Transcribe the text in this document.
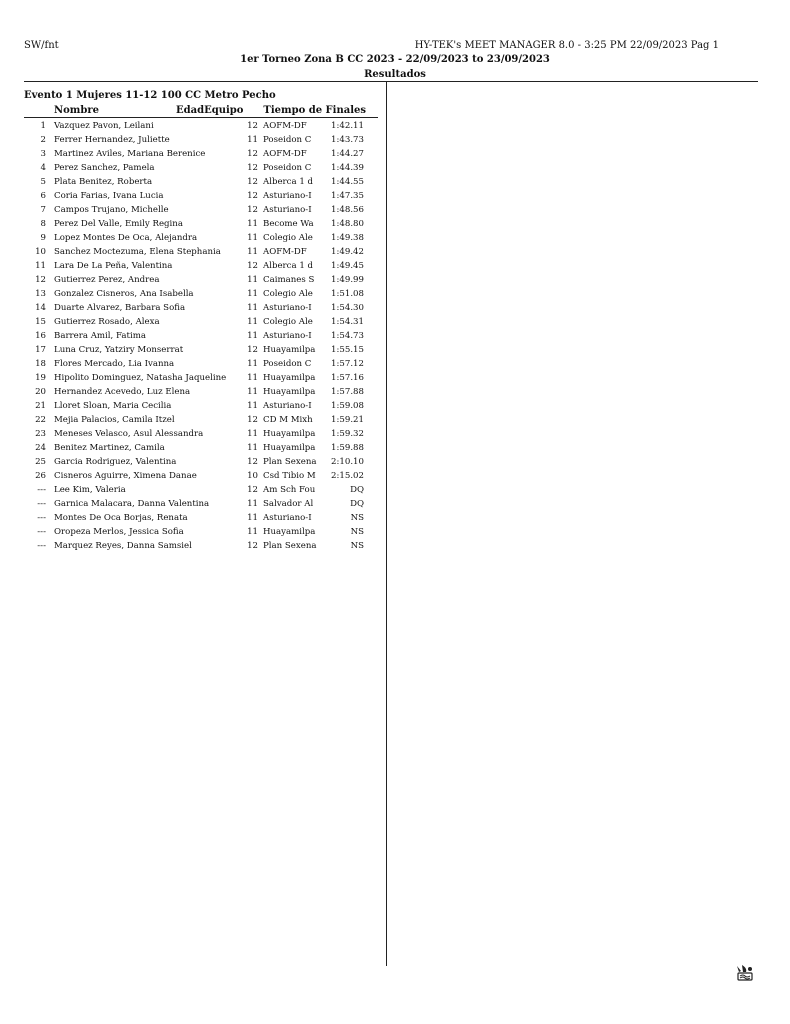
SW/fnt	HY-TEK's MEET MANAGER 8.0 - 3:25 PM 22/09/2023 Pag 1
1er Torneo Zona B CC 2023 - 22/09/2023 to 23/09/2023
Resultados
Evento 1 Mujeres 11-12 100 CC Metro Pecho
Nombre	EdadEquipo	Tiempo de Finales
1 Vazquez Pavon, Leilani	12 AOFM-DF	1:42.11
2 Ferrer Hernandez, Juliette	11 Poseidon C	1:43.73
3 Martinez Aviles, Mariana Berenice	12 AOFM-DF	1:44.27
4 Perez Sanchez, Pamela	12 Poseidon C	1:44.39
5 Plata Benitez, Roberta	12 Alberca 1 d	1:44.55
6 Coria Farias, Ivana Lucia	12 Asturiano-I	1:47.35
7 Campos Trujano, Michelle	12 Asturiano-I	1:48.56
8 Perez Del Valle, Emily Regina	11 Become Wa	1:48.80
9 Lopez Montes De Oca, Alejandra	11 Colegio Ale	1:49.38
10 Sanchez Moctezuma, Elena Stephania	11 AOFM-DF	1:49.42
11 Lara De La Peña, Valentina	12 Alberca 1 d	1:49.45
12 Gutierrez Perez, Andrea	11 Caimanes S	1:49.99
13 Gonzalez Cisneros, Ana Isabella	11 Colegio Ale	1:51.08
14 Duarte Alvarez, Barbara Sofia	11 Asturiano-I	1:54.30
15 Gutierrez Rosado, Alexa	11 Colegio Ale	1:54.31
16 Barrera Amil, Fatima	11 Asturiano-I	1:54.73
17 Luna Cruz, Yatziry Monserrat	12 Huayamilpa	1:55.15
18 Flores Mercado, Lia Ivanna	11 Poseidon C	1:57.12
19 Hipolito Dominguez, Natasha Jaqueline	11 Huayamilpa	1:57.16
20 Hernandez Acevedo, Luz Elena	11 Huayamilpa	1:57.88
21 Lloret Sloan, Maria Cecilia	11 Asturiano-I	1:59.08
22 Mejia Palacios, Camila Itzel	12 CD M Mixh	1:59.21
23 Meneses Velasco, Asul Alessandra	11 Huayamilpa	1:59.32
24 Benitez Martinez, Camila	11 Huayamilpa	1:59.88
25 Garcia Rodriguez, Valentina	12 Plan Sexena	2:10.10
26 Cisneros Aguirre, Ximena Danae	10 Csd Tibio M	2:15.02
--- Lee Kim, Valeria	12 Am Sch Fou	DQ
--- Garnica Malacara, Danna Valentina	11 Salvador Al	DQ
--- Montes De Oca Borjas, Renata	11 Asturiano-I	NS
--- Oropeza Merlos, Jessica Sofia	11 Huayamilpa	NS
--- Marquez Reyes, Danna Samsiel	12 Plan Sexena	NS
